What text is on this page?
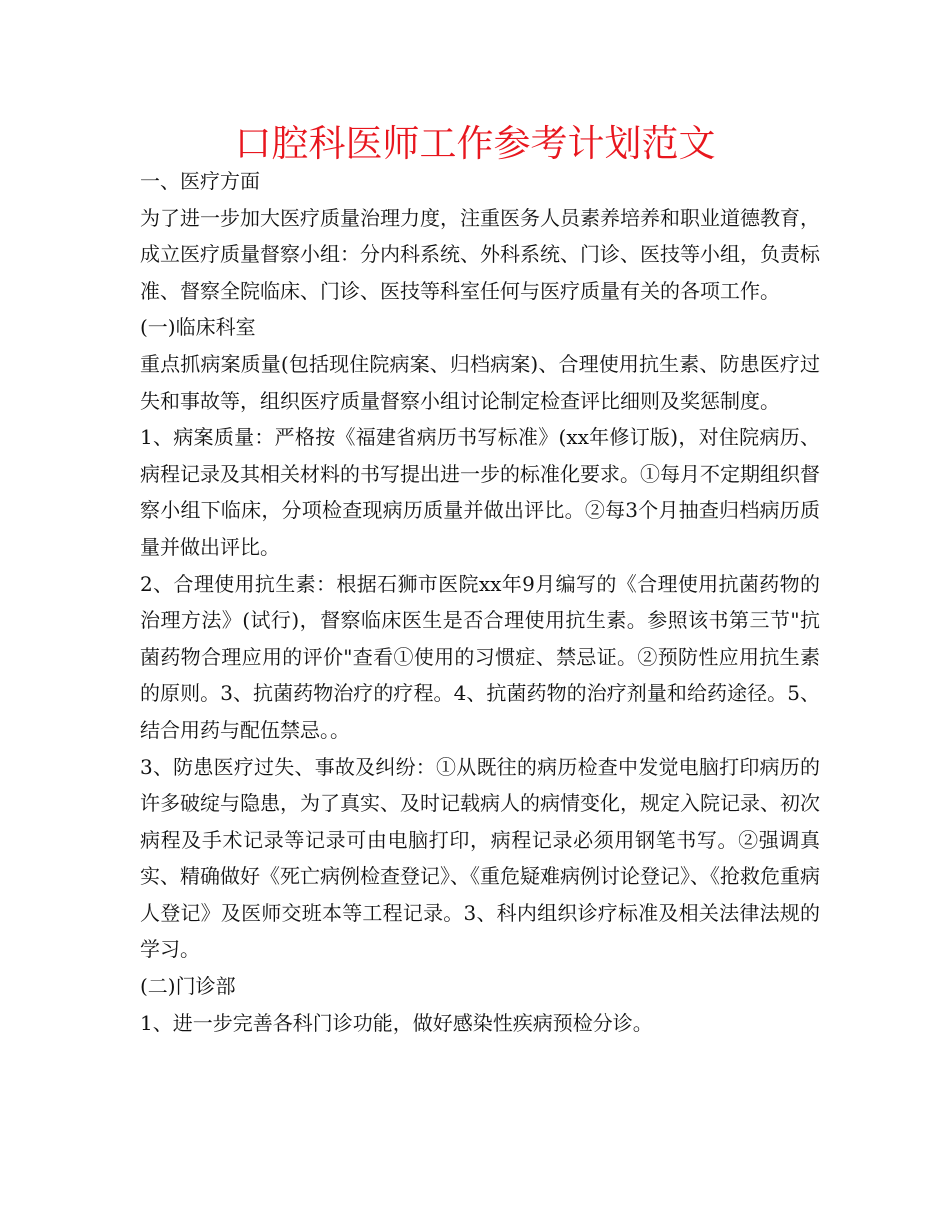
口腔科医师工作参考计划范文

一、医疗方面

为了进一步加大医疗质量治理力度，注重医务人员素养培养和职业道德教育，成立医疗质量督察小组：分内科系统、外科系统、门诊、医技等小组，负责标准、督察全院临床、门诊、医技等科室任何与医疗质量有关的各项工作。

(一)临床科室

重点抓病案质量(包括现住院病案、归档病案)、合理使用抗生素、防患医疗过失和事故等，组织医疗质量督察小组讨论制定检查评比细则及奖惩制度。

1、病案质量：严格按《福建省病历书写标准》(xx年修订版)，对住院病历、病程记录及其相关材料的书写提出进一步的标准化要求。①每月不定期组织督察小组下临床，分项检查现病历质量并做出评比。②每3个月抽查归档病历质量并做出评比。

2、合理使用抗生素：根据石狮市医院xx年9月编写的《合理使用抗菌药物的治理方法》(试行)，督察临床医生是否合理使用抗生素。参照该书第三节"抗菌药物合理应用的评价"查看①使用的习惯症、禁忌证。②预防性应用抗生素的原则。3、抗菌药物治疗的疗程。4、抗菌药物的治疗剂量和给药途径。5、结合用药与配伍禁忌。。

3、防患医疗过失、事故及纠纷：①从既往的病历检查中发觉电脑打印病历的许多破绽与隐患，为了真实、及时记载病人的病情变化，规定入院记录、初次病程及手术记录等记录可由电脑打印，病程记录必须用钢笔书写。②强调真实、精确做好《死亡病例检查登记》、《重危疑难病例讨论登记》、《抢救危重病人登记》及医师交班本等工程记录。3、科内组织诊疗标准及相关法律法规的学习。

(二)门诊部

1、进一步完善各科门诊功能，做好感染性疾病预检分诊。
